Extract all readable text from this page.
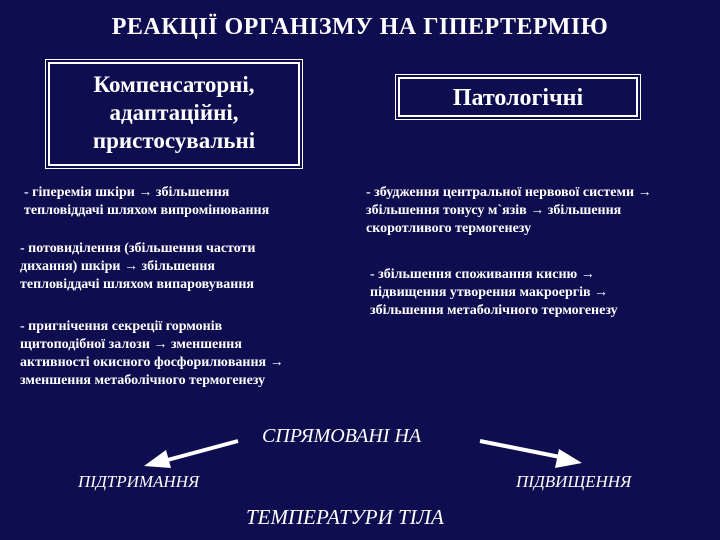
РЕАКЦІЇ ОРГАНІЗМУ НА ГІПЕРТЕРМІЮ
Компенсаторні,
адаптаційні,
пристосувальні
Патологічні
- гіперемія шкіри → збільшення
тепловіддачі шляхом випромінювання
- потовиділення (збільшення частоти
дихання) шкіри → збільшення
тепловіддачі шляхом випаровування
- пригнічення секреції гормонів
щитоподібної залози → зменшення
активності окисного фосфорилювання →
зменшення метаболічного термогенезу
- збудження центральної нервової системи →
збільшення тонусу м`язів → збільшення
скоротливого термогенезу
- збільшення споживання кисню →
підвищення утворення макроергів →
збільшення метаболічного термогенезу
СПРЯМОВАНІ НА
ПІДТРИМАННЯ	ПІДВИЩЕННЯ
ТЕМПЕРАТУРИ ТІЛА
